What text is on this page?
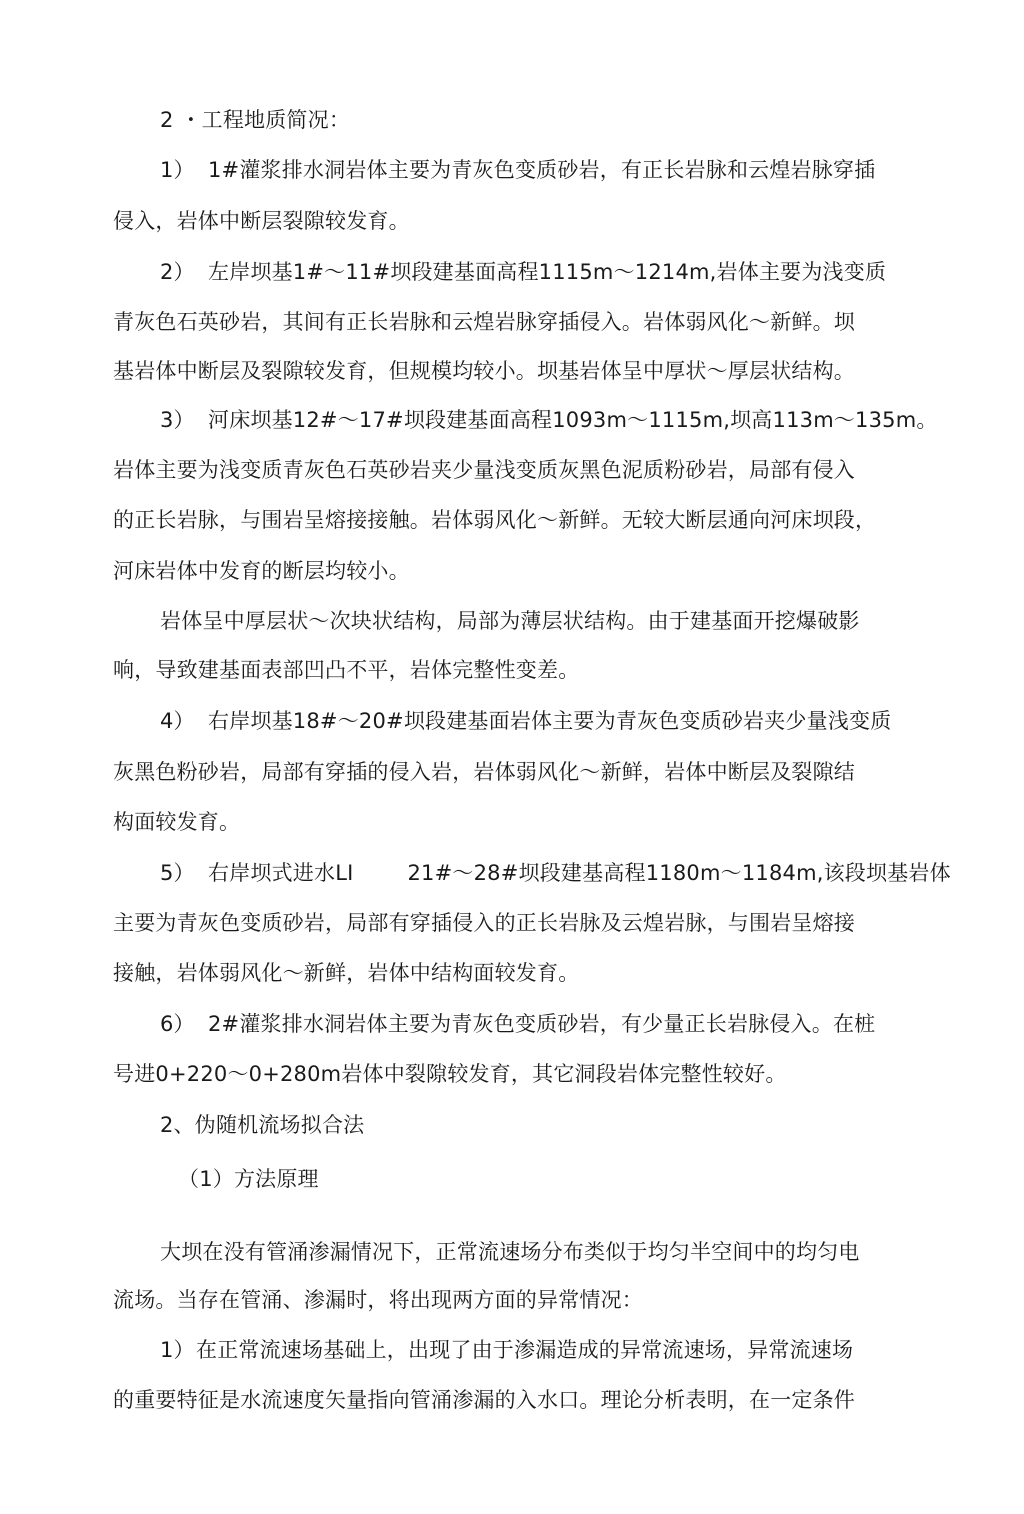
2 ・工程地质简况：
1） 1#灌浆排水洞岩体主要为青灰色变质砂岩，有正长岩脉和云煌岩脉穿插
侵入，岩体中断层裂隙较发育。
2） 左岸坝基1#～11#坝段建基面高程1115m～1214m,岩体主要为浅变质
青灰色石英砂岩，其间有正长岩脉和云煌岩脉穿插侵入。岩体弱风化～新鲜。坝
基岩体中断层及裂隙较发育，但规模均较小。坝基岩体呈中厚状～厚层状结构。
3） 河床坝基12#～17#坝段建基面高程1093m～1115m,坝高113m～135m。
岩体主要为浅变质青灰色石英砂岩夹少量浅变质灰黑色泥质粉砂岩，局部有侵入
的正长岩脉，与围岩呈熔接接触。岩体弱风化～新鲜。无较大断层通向河床坝段，
河床岩体中发育的断层均较小。
岩体呈中厚层状～次块状结构，局部为薄层状结构。由于建基面开挖爆破影
响，导致建基面表部凹凸不平，岩体完整性变差。
4） 右岸坝基18#～20#坝段建基面岩体主要为青灰色变质砂岩夹少量浅变质
灰黑色粉砂岩，局部有穿插的侵入岩，岩体弱风化～新鲜，岩体中断层及裂隙结
构面较发育。
5） 右岸坝式进水LI	21#～28#坝段建基高程1180m～1184m,该段坝基岩体
主要为青灰色变质砂岩，局部有穿插侵入的正长岩脉及云煌岩脉，与围岩呈熔接
接触，岩体弱风化～新鲜，岩体中结构面较发育。
6） 2#灌浆排水洞岩体主要为青灰色变质砂岩，有少量正长岩脉侵入。在桩
号进0+220～0+280m岩体中裂隙较发育，其它洞段岩体完整性较好。
2、伪随机流场拟合法
（1）方法原理
大坝在没有管涌渗漏情况下，正常流速场分布类似于均匀半空间中的均匀电
流场。当存在管涌、渗漏时，将出现两方面的异常情况：
1）在正常流速场基础上，出现了由于渗漏造成的异常流速场，异常流速场
的重要特征是水流速度矢量指向管涌渗漏的入水口。理论分析表明，在一定条件
